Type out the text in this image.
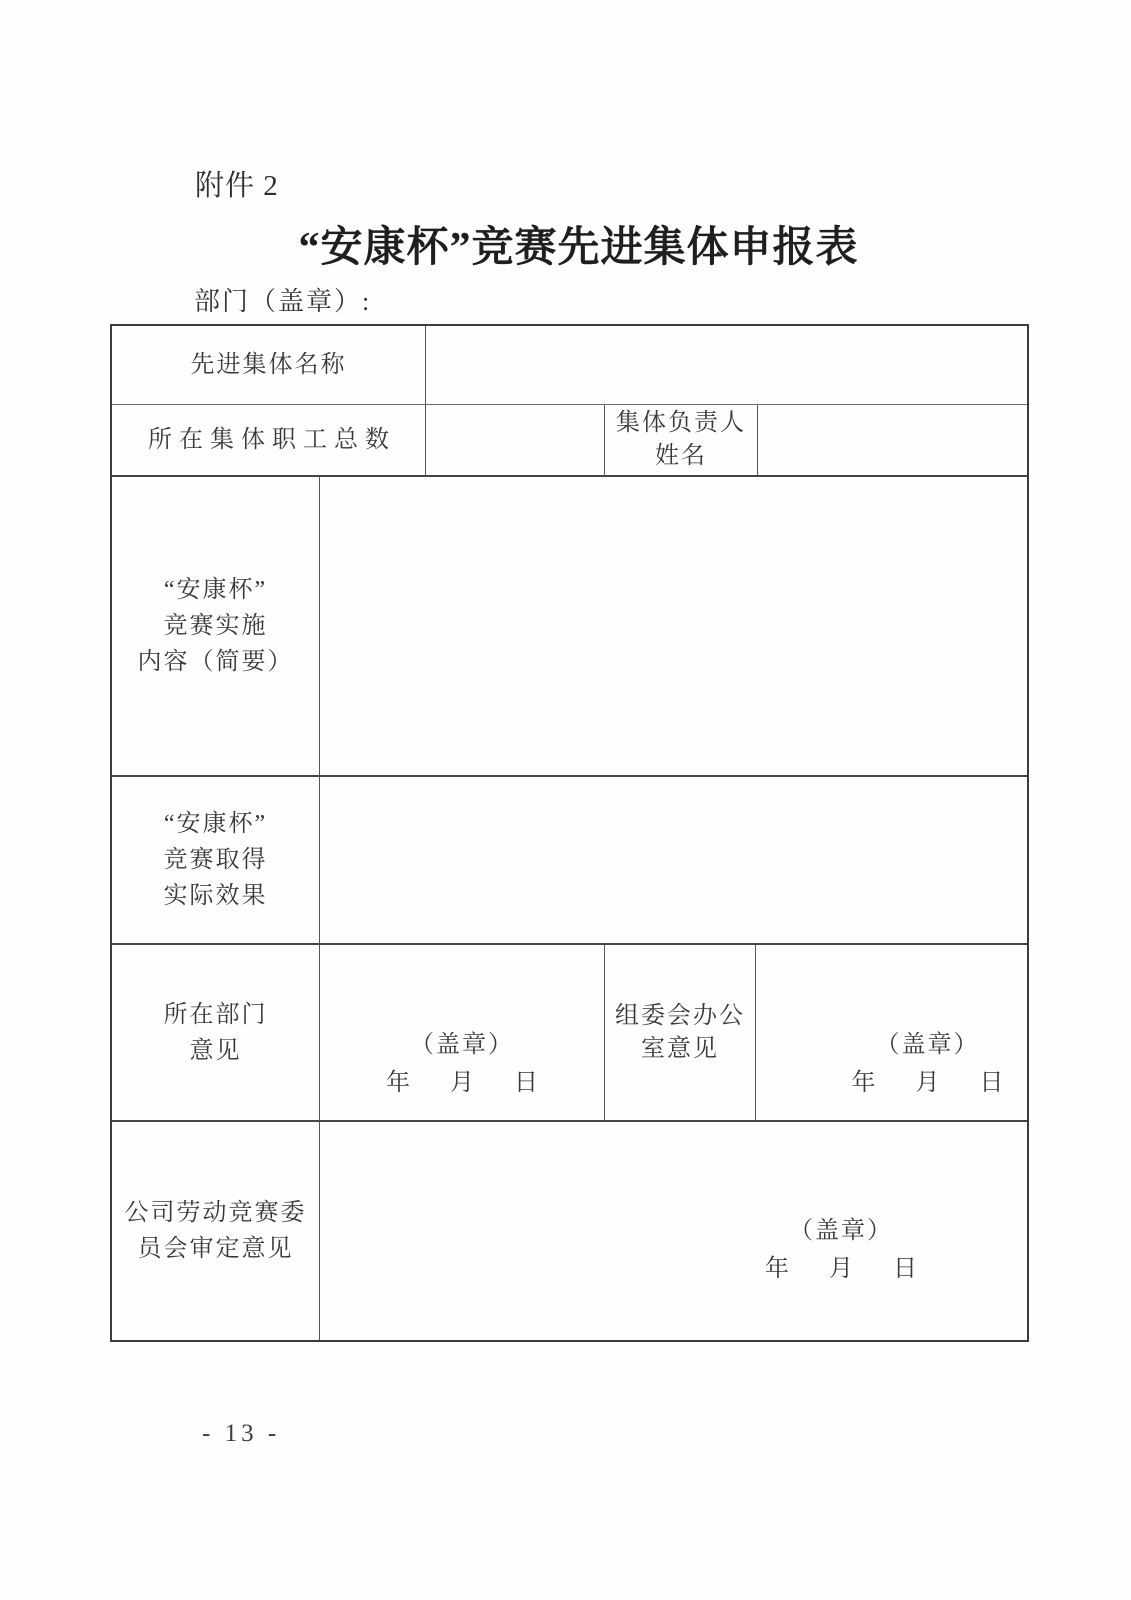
附件 2
“安康杯”竞赛先进集体申报表
部门（盖章）:
先进集体名称
所在集体职工总数
集体负责人
姓名
“安康杯”
竞赛实施
内容（简要）
“安康杯”
竞赛取得
实际效果
所在部门
意见	（盖章）
年 月 日
组委会办公
室意见	（盖章）
年 月 日
公司劳动竞赛委
员会审定意见
（盖章）
年 月 日
- 13 -
